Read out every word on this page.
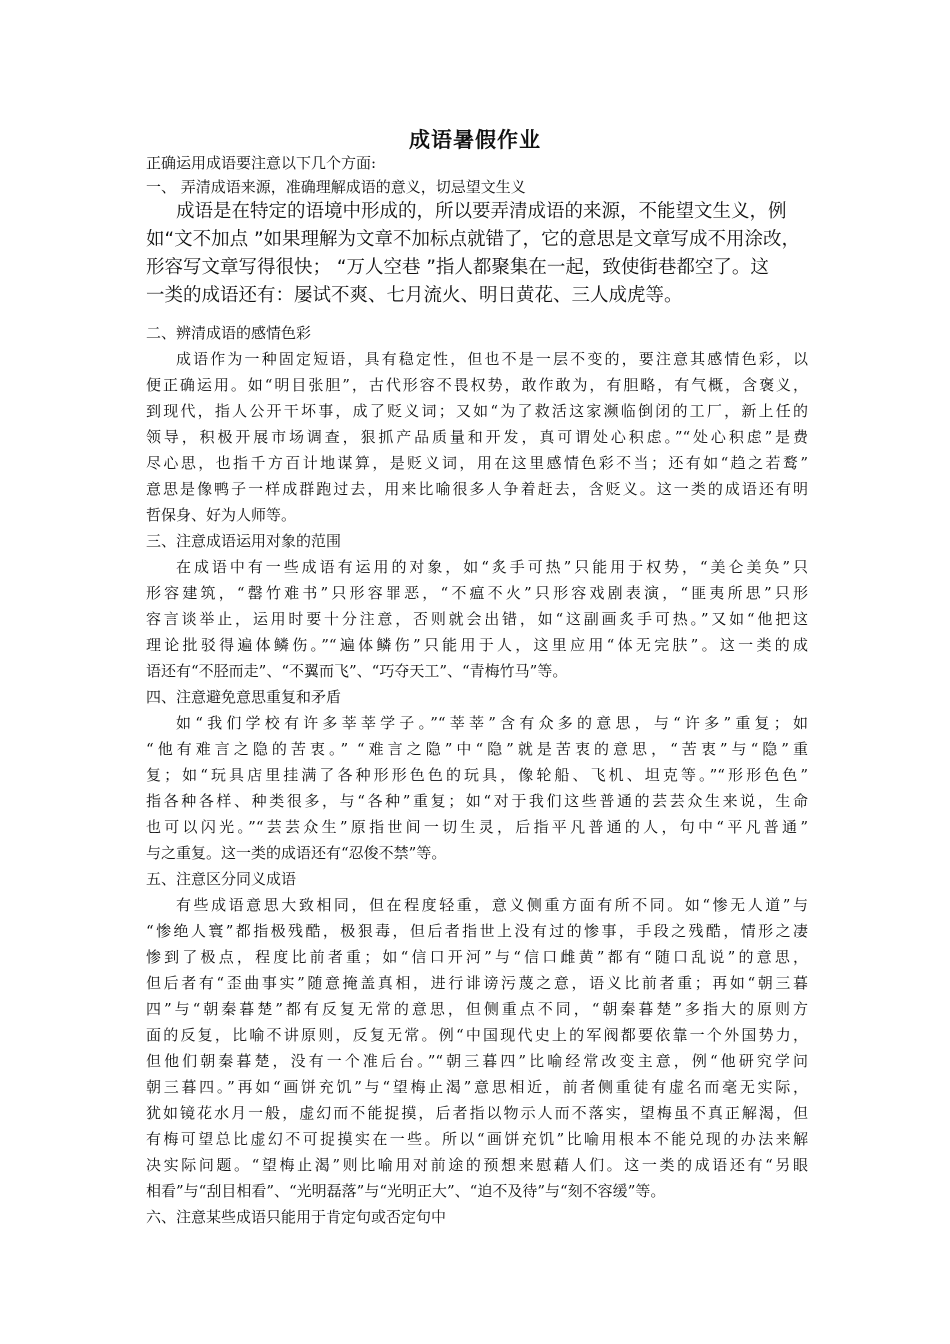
成语暑假作业
正确运用成语要注意以下几个方面:
一、 弄清成语来源，准确理解成语的意义，切忌望文生义
成语是在特定的语境中形成的，所以要弄清成语的来源，不能望文生义，例
如“文不加点 ”如果理解为文章不加标点就错了，它的意思是文章写成不用涂改，
形容写文章写得很快； “万人空巷 ”指人都聚集在一起，致使街巷都空了。这
一类的成语还有：屡试不爽、七月流火、明日黄花、三人成虎等。
二、辨清成语的感情色彩
成语作为一种固定短语，具有稳定性，但也不是一层不变的，要注意其感情色彩，以
便正确运用。如“明目张胆”，古代形容不畏权势，敢作敢为，有胆略，有气概，含褒义，
到现代，指人公开干坏事，成了贬义词；又如“为了救活这家濒临倒闭的工厂，新上任的
领导，积极开展市场调查，狠抓产品质量和开发，真可谓处心积虑。”“处心积虑”是费
尽心思，也指千方百计地谋算，是贬义词，用在这里感情色彩不当；还有如“趋之若鹜”
意思是像鸭子一样成群跑过去，用来比喻很多人争着赶去，含贬义。这一类的成语还有明
哲保身、好为人师等。
三、注意成语运用对象的范围
在成语中有一些成语有运用的对象，如“炙手可热”只能用于权势，“美仑美奂”只
形容建筑，“罄竹难书”只形容罪恶，“不瘟不火”只形容戏剧表演，“匪夷所思”只形
容言谈举止，运用时要十分注意，否则就会出错，如“这副画炙手可热。”又如“他把这
理论批驳得遍体鳞伤。”“遍体鳞伤”只能用于人，这里应用“体无完肤”。这一类的成
语还有“不胫而走”、“不翼而飞”、“巧夺天工”、“青梅竹马”等。
四、注意避免意思重复和矛盾
如“我们学校有许多莘莘学子。”“莘莘”含有众多的意思，与“许多”重复；如
“他有难言之隐的苦衷。” “难言之隐”中“隐”就是苦衷的意思，“苦衷”与“隐”重
复；如“玩具店里挂满了各种形形色色的玩具，像轮船、飞机、坦克等。”“形形色色”
指各种各样、种类很多，与“各种”重复；如“对于我们这些普通的芸芸众生来说，生命
也可以闪光。”“芸芸众生”原指世间一切生灵，后指平凡普通的人，句中“平凡普通”
与之重复。这一类的成语还有“忍俊不禁”等。
五、注意区分同义成语
有些成语意思大致相同，但在程度轻重，意义侧重方面有所不同。如“惨无人道”与
“惨绝人寰”都指极残酷，极狠毒，但后者指世上没有过的惨事，手段之残酷，情形之凄
惨到了极点，程度比前者重；如“信口开河”与“信口雌黄”都有“随口乱说”的意思，
但后者有“歪曲事实”随意掩盖真相，进行诽谤污蔑之意，语义比前者重；再如“朝三暮
四”与“朝秦暮楚”都有反复无常的意思，但侧重点不同，“朝秦暮楚”多指大的原则方
面的反复，比喻不讲原则，反复无常。例“中国现代史上的军阀都要依靠一个外国势力，
但他们朝秦暮楚，没有一个准后台。”“朝三暮四”比喻经常改变主意，例“他研究学问
朝三暮四。”再如“画饼充饥”与“望梅止渴”意思相近，前者侧重徒有虚名而毫无实际，
犹如镜花水月一般，虚幻而不能捉摸，后者指以物示人而不落实，望梅虽不真正解渴，但
有梅可望总比虚幻不可捉摸实在一些。所以“画饼充饥”比喻用根本不能兑现的办法来解
决实际问题。“望梅止渴”则比喻用对前途的预想来慰藉人们。这一类的成语还有“另眼
相看”与“刮目相看”、“光明磊落”与“光明正大”、“迫不及待”与“刻不容缓”等。
六、注意某些成语只能用于肯定句或否定句中
